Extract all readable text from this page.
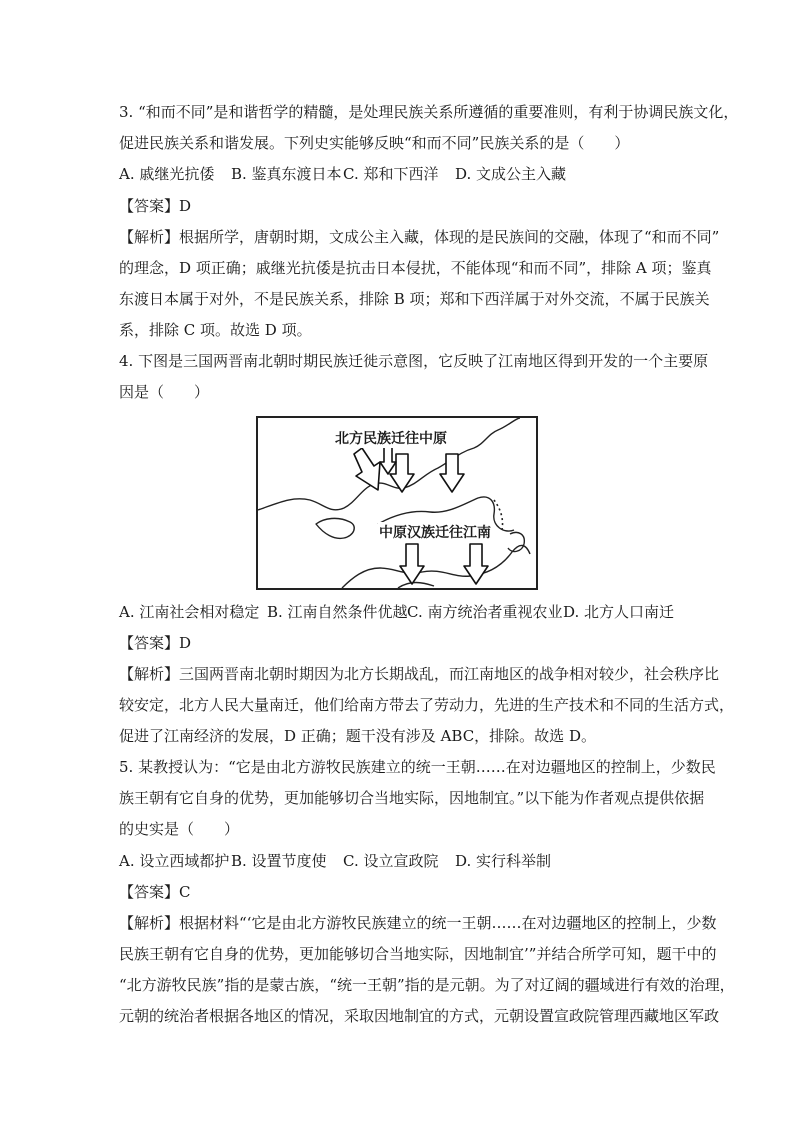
3. “和而不同”是和谐哲学的精髓，是处理民族关系所遵循的重要准则，有利于协调民族文化，
促进民族关系和谐发展。下列史实能够反映“和而不同”民族关系的是（　　）
A. 戚继光抗倭 B. 鉴真东渡日本 C. 郑和下西洋 D. 文成公主入藏
【答案】D
【解析】根据所学，唐朝时期，文成公主入藏，体现的是民族间的交融，体现了“和而不同”
的理念，D 项正确；戚继光抗倭是抗击日本侵扰，不能体现“和而不同”，排除 A 项；鉴真
东渡日本属于对外，不是民族关系，排除 B 项；郑和下西洋属于对外交流，不属于民族关
系，排除 C 项。故选 D 项。
4. 下图是三国两晋南北朝时期民族迁徙示意图，它反映了江南地区得到开发的一个主要原
因是（　　）
北方民族迁往中原
中原汉族迁往江南
A. 江南社会相对稳定 B. 江南自然条件优越 C. 南方统治者重视农业 D. 北方人口南迁
【答案】D
【解析】三国两晋南北朝时期因为北方长期战乱，而江南地区的战争相对较少，社会秩序比
较安定，北方人民大量南迁，他们给南方带去了劳动力，先进的生产技术和不同的生活方式，
促进了江南经济的发展，D 正确；题干没有涉及 ABC，排除。故选 D。
5. 某教授认为：“它是由北方游牧民族建立的统一王朝……在对边疆地区的控制上，少数民
族王朝有它自身的优势，更加能够切合当地实际，因地制宜。”以下能为作者观点提供依据
的史实是（　　）
A. 设立西域都护 B. 设置节度使 C. 设立宣政院 D. 实行科举制
【答案】C
【解析】根据材料“‘它是由北方游牧民族建立的统一王朝……在对边疆地区的控制上，少数
民族王朝有它自身的优势，更加能够切合当地实际，因地制宜’”并结合所学可知，题干中的
“北方游牧民族”指的是蒙古族，“统一王朝”指的是元朝。为了对辽阔的疆域进行有效的治理，
元朝的统治者根据各地区的情况，采取因地制宜的方式，元朝设置宣政院管理西藏地区军政
